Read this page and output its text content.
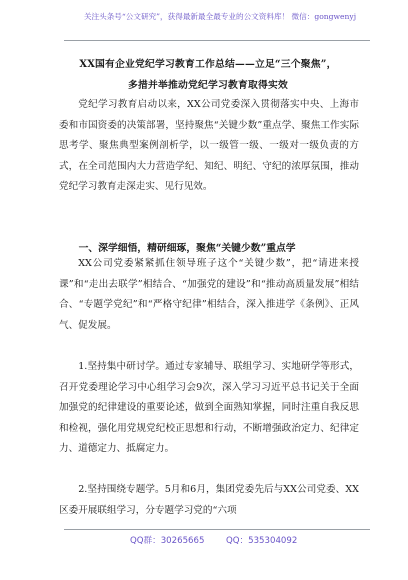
关注头条号“公文研究”，获得最新最全最专业的公文资料库！ 微信：gongwenyj
XX国有企业党纪学习教育工作总结——立足“三个聚焦”，
多措并举推动党纪学习教育取得实效

党纪学习教育启动以来，XX公司党委深入贯彻落实中央、上海市委和市国资委的决策部署，坚持聚焦“关键少数”重点学、聚焦工作实际思考学、聚焦典型案例剖析学，以一级管一级、一级对一级负责的方式，在全司范围内大力营造学纪、知纪、明纪、守纪的浓厚氛围，推动党纪学习教育走深走实、见行见效。

一、深学细悟，精研细琢，聚焦“关键少数”重点学

XX公司党委紧紧抓住领导班子这个“关键少数”，把“请进来授课”和“走出去联学”相结合、“加强党的建设”和“推动高质量发展”相结合、“专题学党纪”和“严格守纪律”相结合，深入推进学《条例》、正风气、促发展。

1.坚持集中研讨学。通过专家辅导、联组学习、实地研学等形式，召开党委理论学习中心组学习会9次，深入学习习近平总书记关于全面加强党的纪律建设的重要论述，做到全面熟知掌握，同时注重自我反思和检视，强化用党规党纪校正思想和行动，不断增强政治定力、纪律定力、道德定力、抵腐定力。

2.坚持围绕专题学。5月和6月，集团党委先后与XX公司党委、XX区委开展联组学习，分专题学习党的“六项

QQ群：30265665	QQ：535304092
